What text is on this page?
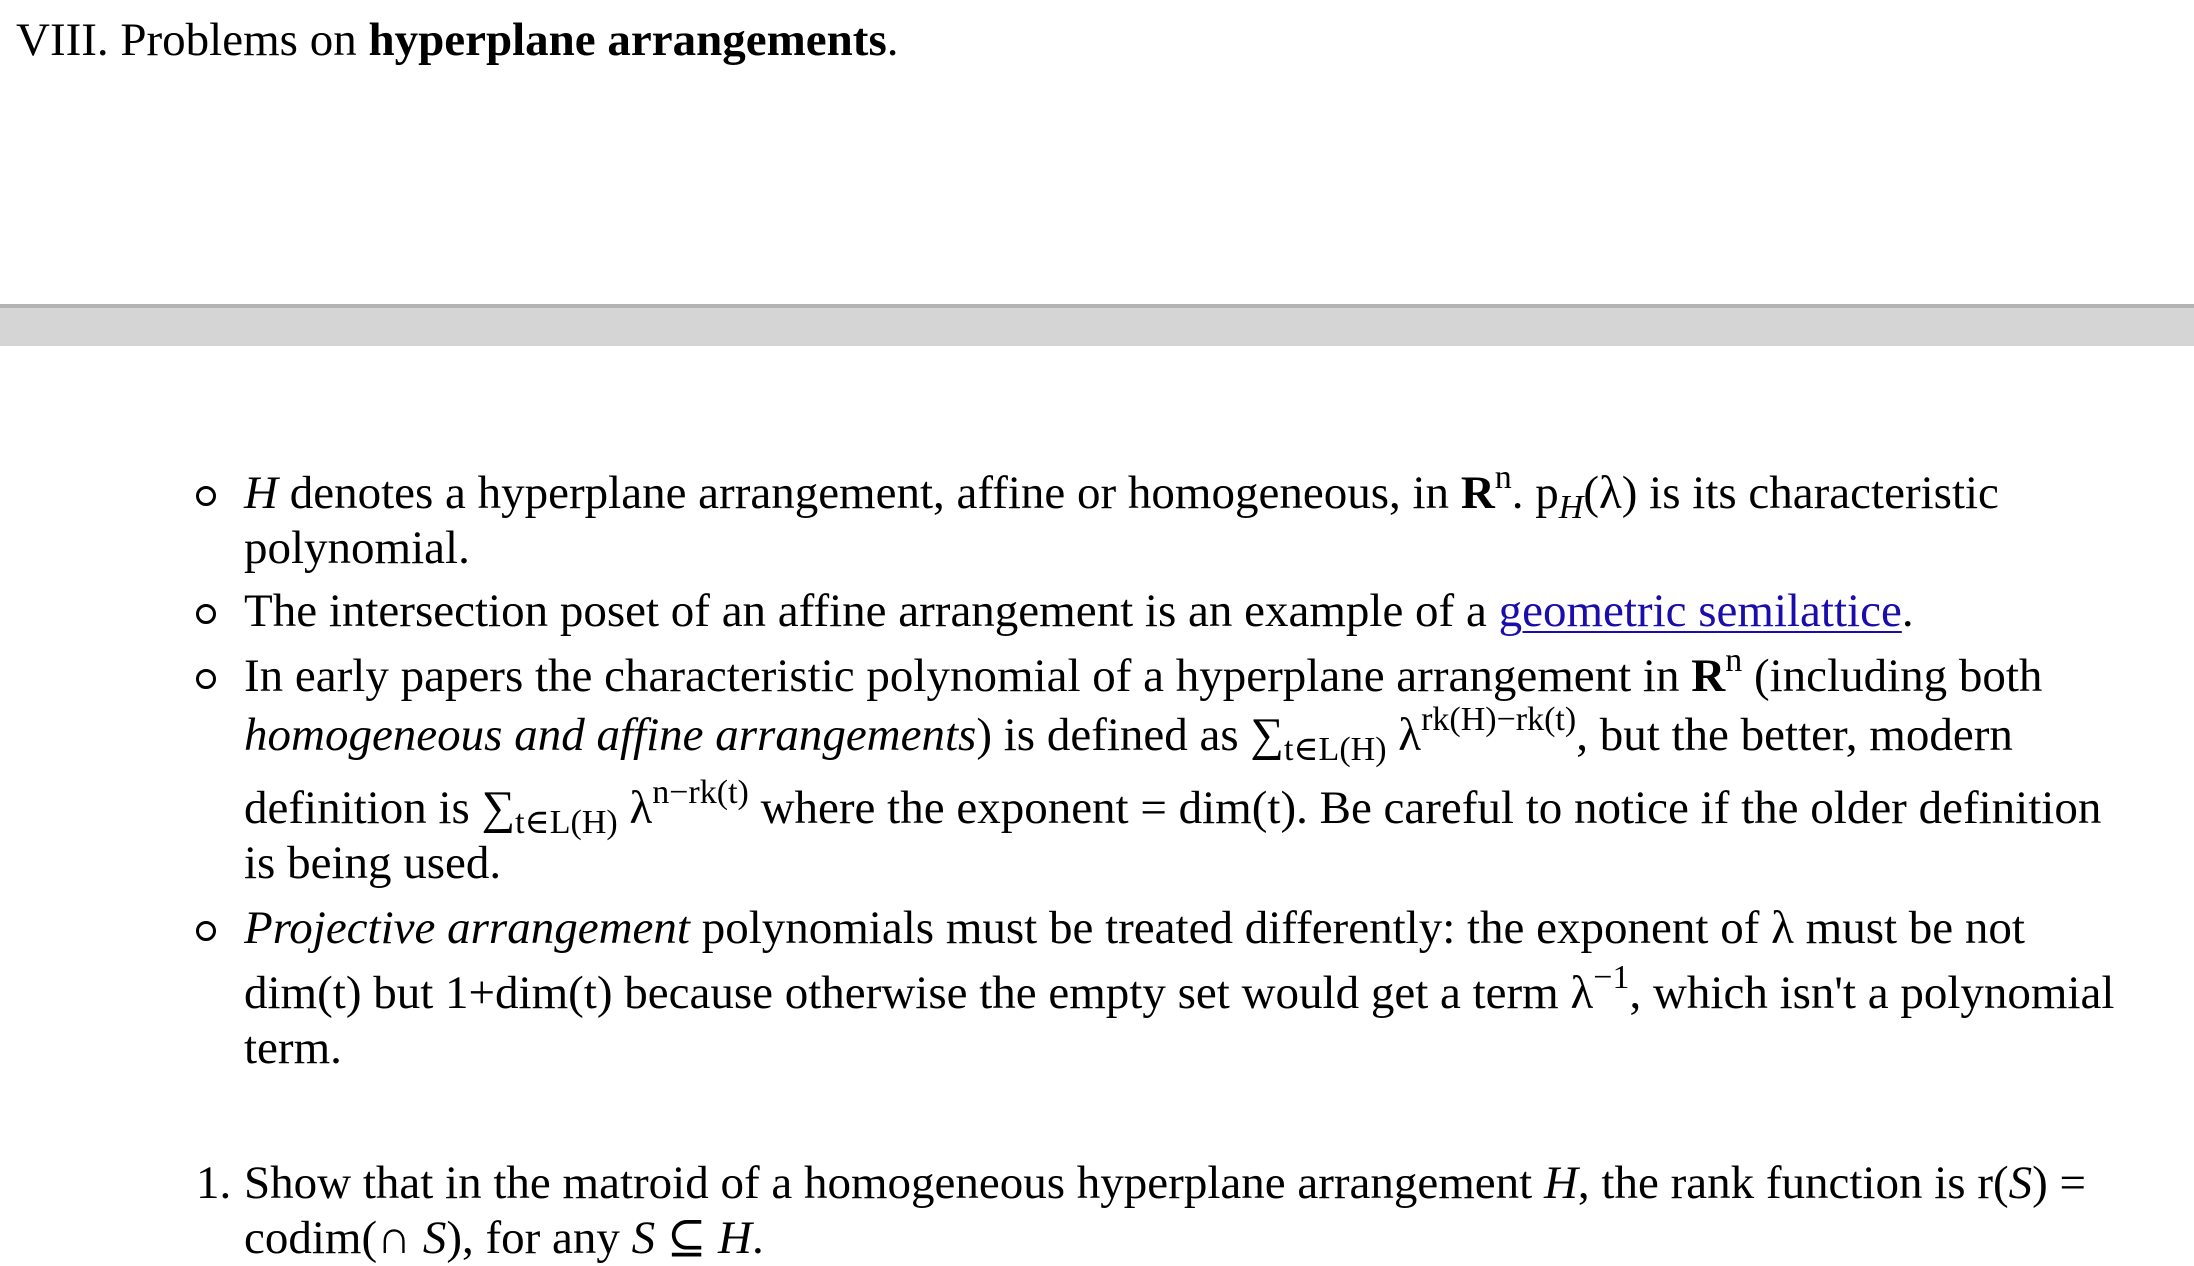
VIII. Problems on hyperplane arrangements.
H denotes a hyperplane arrangement, affine or homogeneous, in $R^n$. $p_H(\lambda)$ is its characteristic polynomial.
The intersection poset of an affine arrangement is an example of a geometric semilattice.
In early papers the characteristic polynomial of a hyperplane arrangement in $R^n$ (including both
homogeneous and affine arrangements) is defined as $\sum_{t\in L(H)}$ $\lambda^{rk(H)-rk(t)}$, but the better, modern
definition is $\sum_{t\in L(H)}$ $\lambda^{n-rk(t)}$ where the exponent = dim(t). Be careful to notice if the older definition
is being used.
Projective arrangement polynomials must be treated differently: the exponent of λ must be not
dim(t) but 1+dim(t) because otherwise the empty set would get a term $\lambda^{-1}$, which isn't a polynomial
term.
1. Show that in the matroid of a homogeneous hyperplane arrangement H, the rank function is r(S) =
codim(∩ S), for any S ⊆ H.
